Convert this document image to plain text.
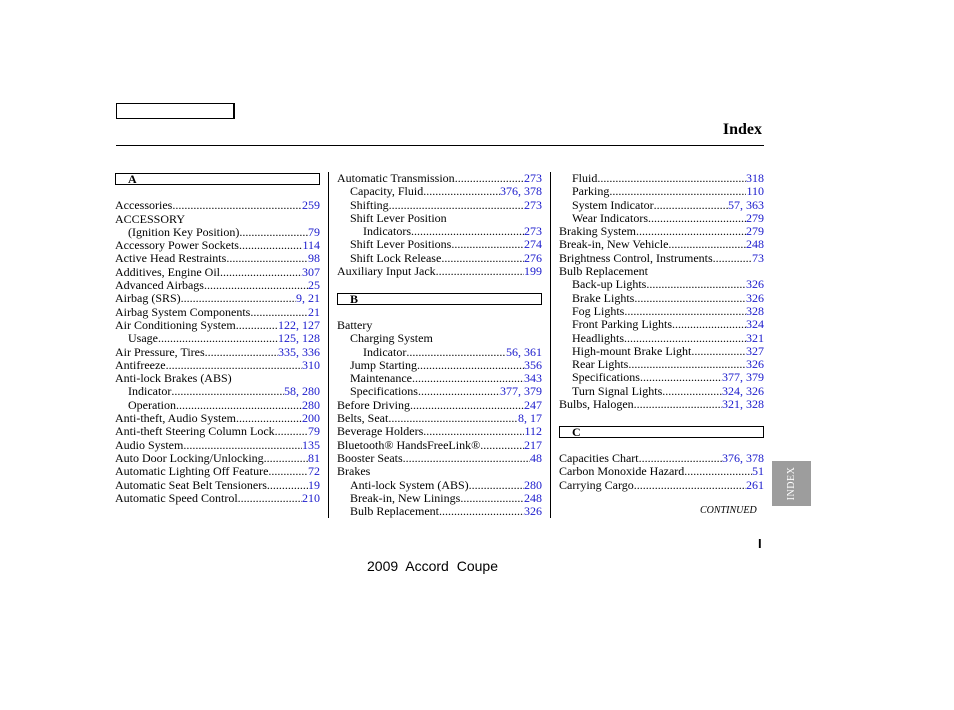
Index
A
Accessories .....	259
ACCESSORY
(Ignition Key Position) .....	79
Accessory Power Sockets .....	114
Active Head Restraints .....	98
Additives, Engine Oil .....	307
Advanced Airbags .....	25
Airbag (SRS) .....	9, 21
Airbag System Components .....	21
Air Conditioning System .....	122, 127
Usage .....	125, 128
Air Pressure, Tires .....	335, 336
Antifreeze .....	310
Anti-lock Brakes (ABS)
Indicator .....	58, 280
Operation .....	280
Anti-theft, Audio System .....	200
Anti-theft Steering Column Lock .....	79
Audio System .....	135
Auto Door Locking/Unlocking .....	81
Automatic Lighting Off Feature .....	72
Automatic Seat Belt Tensioners .....	19
Automatic Speed Control .....	210
Automatic Transmission .....	273
Capacity, Fluid .....	376, 378
Shifting .....	273
Shift Lever Position
Indicators .....	273
Shift Lever Positions .....	274
Shift Lock Release .....	276
Auxiliary Input Jack .....	199
B
Battery
Charging System
Indicator .....	56, 361
Jump Starting .....	356
Maintenance .....	343
Specifications .....	377, 379
Before Driving .....	247
Belts, Seat .....	8, 17
Beverage Holders .....	112
Bluetooth® HandsFreeLink® .....	217
Booster Seats .....	48
Brakes
Anti-lock System (ABS) .....	280
Break-in, New Linings .....	248
Bulb Replacement .....	326
Fluid .....	318
Parking .....	110
System Indicator .....	57, 363
Wear Indicators .....	279
Braking System .....	279
Break-in, New Vehicle .....	248
Brightness Control, Instruments .....	73
Bulb Replacement
Back-up Lights .....	326
Brake Lights .....	326
Fog Lights .....	328
Front Parking Lights .....	324
Headlights .....	321
High-mount Brake Light .....	327
Rear Lights .....	326
Specifications .....	377, 379
Turn Signal Lights .....	324, 326
Bulbs, Halogen .....	321, 328
C
Capacities Chart .....	376, 378
Carbon Monoxide Hazard .....	51
Carrying Cargo .....	261
CONTINUED
INDEX
I
2009 Accord Coupe
